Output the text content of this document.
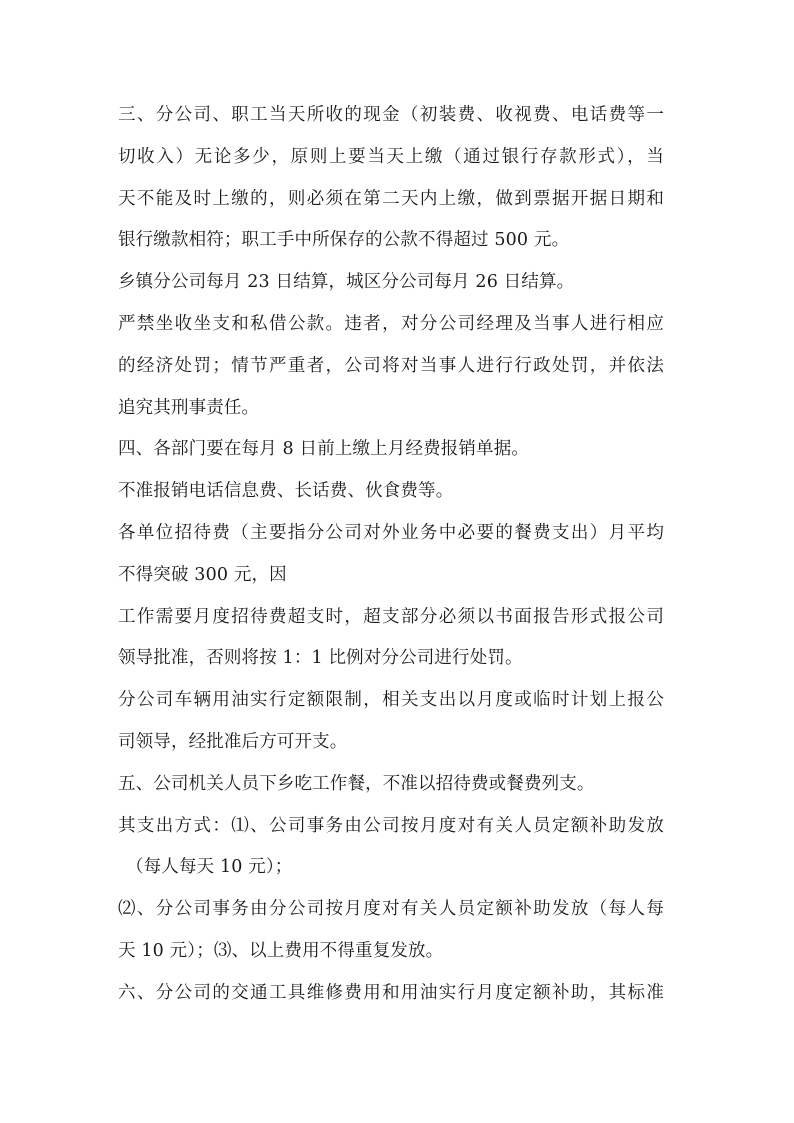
三、分公司、职工当天所收的现金（初装费、收视费、电话费等一
切收入）无论多少，原则上要当天上缴（通过银行存款形式），当
天不能及时上缴的，则必须在第二天内上缴，做到票据开据日期和
银行缴款相符；职工手中所保存的公款不得超过 500 元。
乡镇分公司每月 23 日结算，城区分公司每月 26 日结算。
严禁坐收坐支和私借公款。违者，对分公司经理及当事人进行相应
的经济处罚；情节严重者，公司将对当事人进行行政处罚，并依法
追究其刑事责任。
四、各部门要在每月 8 日前上缴上月经费报销单据。
不准报销电话信息费、长话费、伙食费等。
各单位招待费（主要指分公司对外业务中必要的餐费支出）月平均
不得突破 300 元，因
工作需要月度招待费超支时，超支部分必须以书面报告形式报公司
领导批准，否则将按 1：1 比例对分公司进行处罚。
分公司车辆用油实行定额限制，相关支出以月度或临时计划上报公
司领导，经批准后方可开支。
五、公司机关人员下乡吃工作餐，不准以招待费或餐费列支。
其支出方式：⑴、公司事务由公司按月度对有关人员定额补助发放
（每人每天 10 元）；
⑵、分公司事务由分公司按月度对有关人员定额补助发放（每人每
天 10 元）；⑶、以上费用不得重复发放。
六、分公司的交通工具维修费用和用油实行月度定额补助，其标准
